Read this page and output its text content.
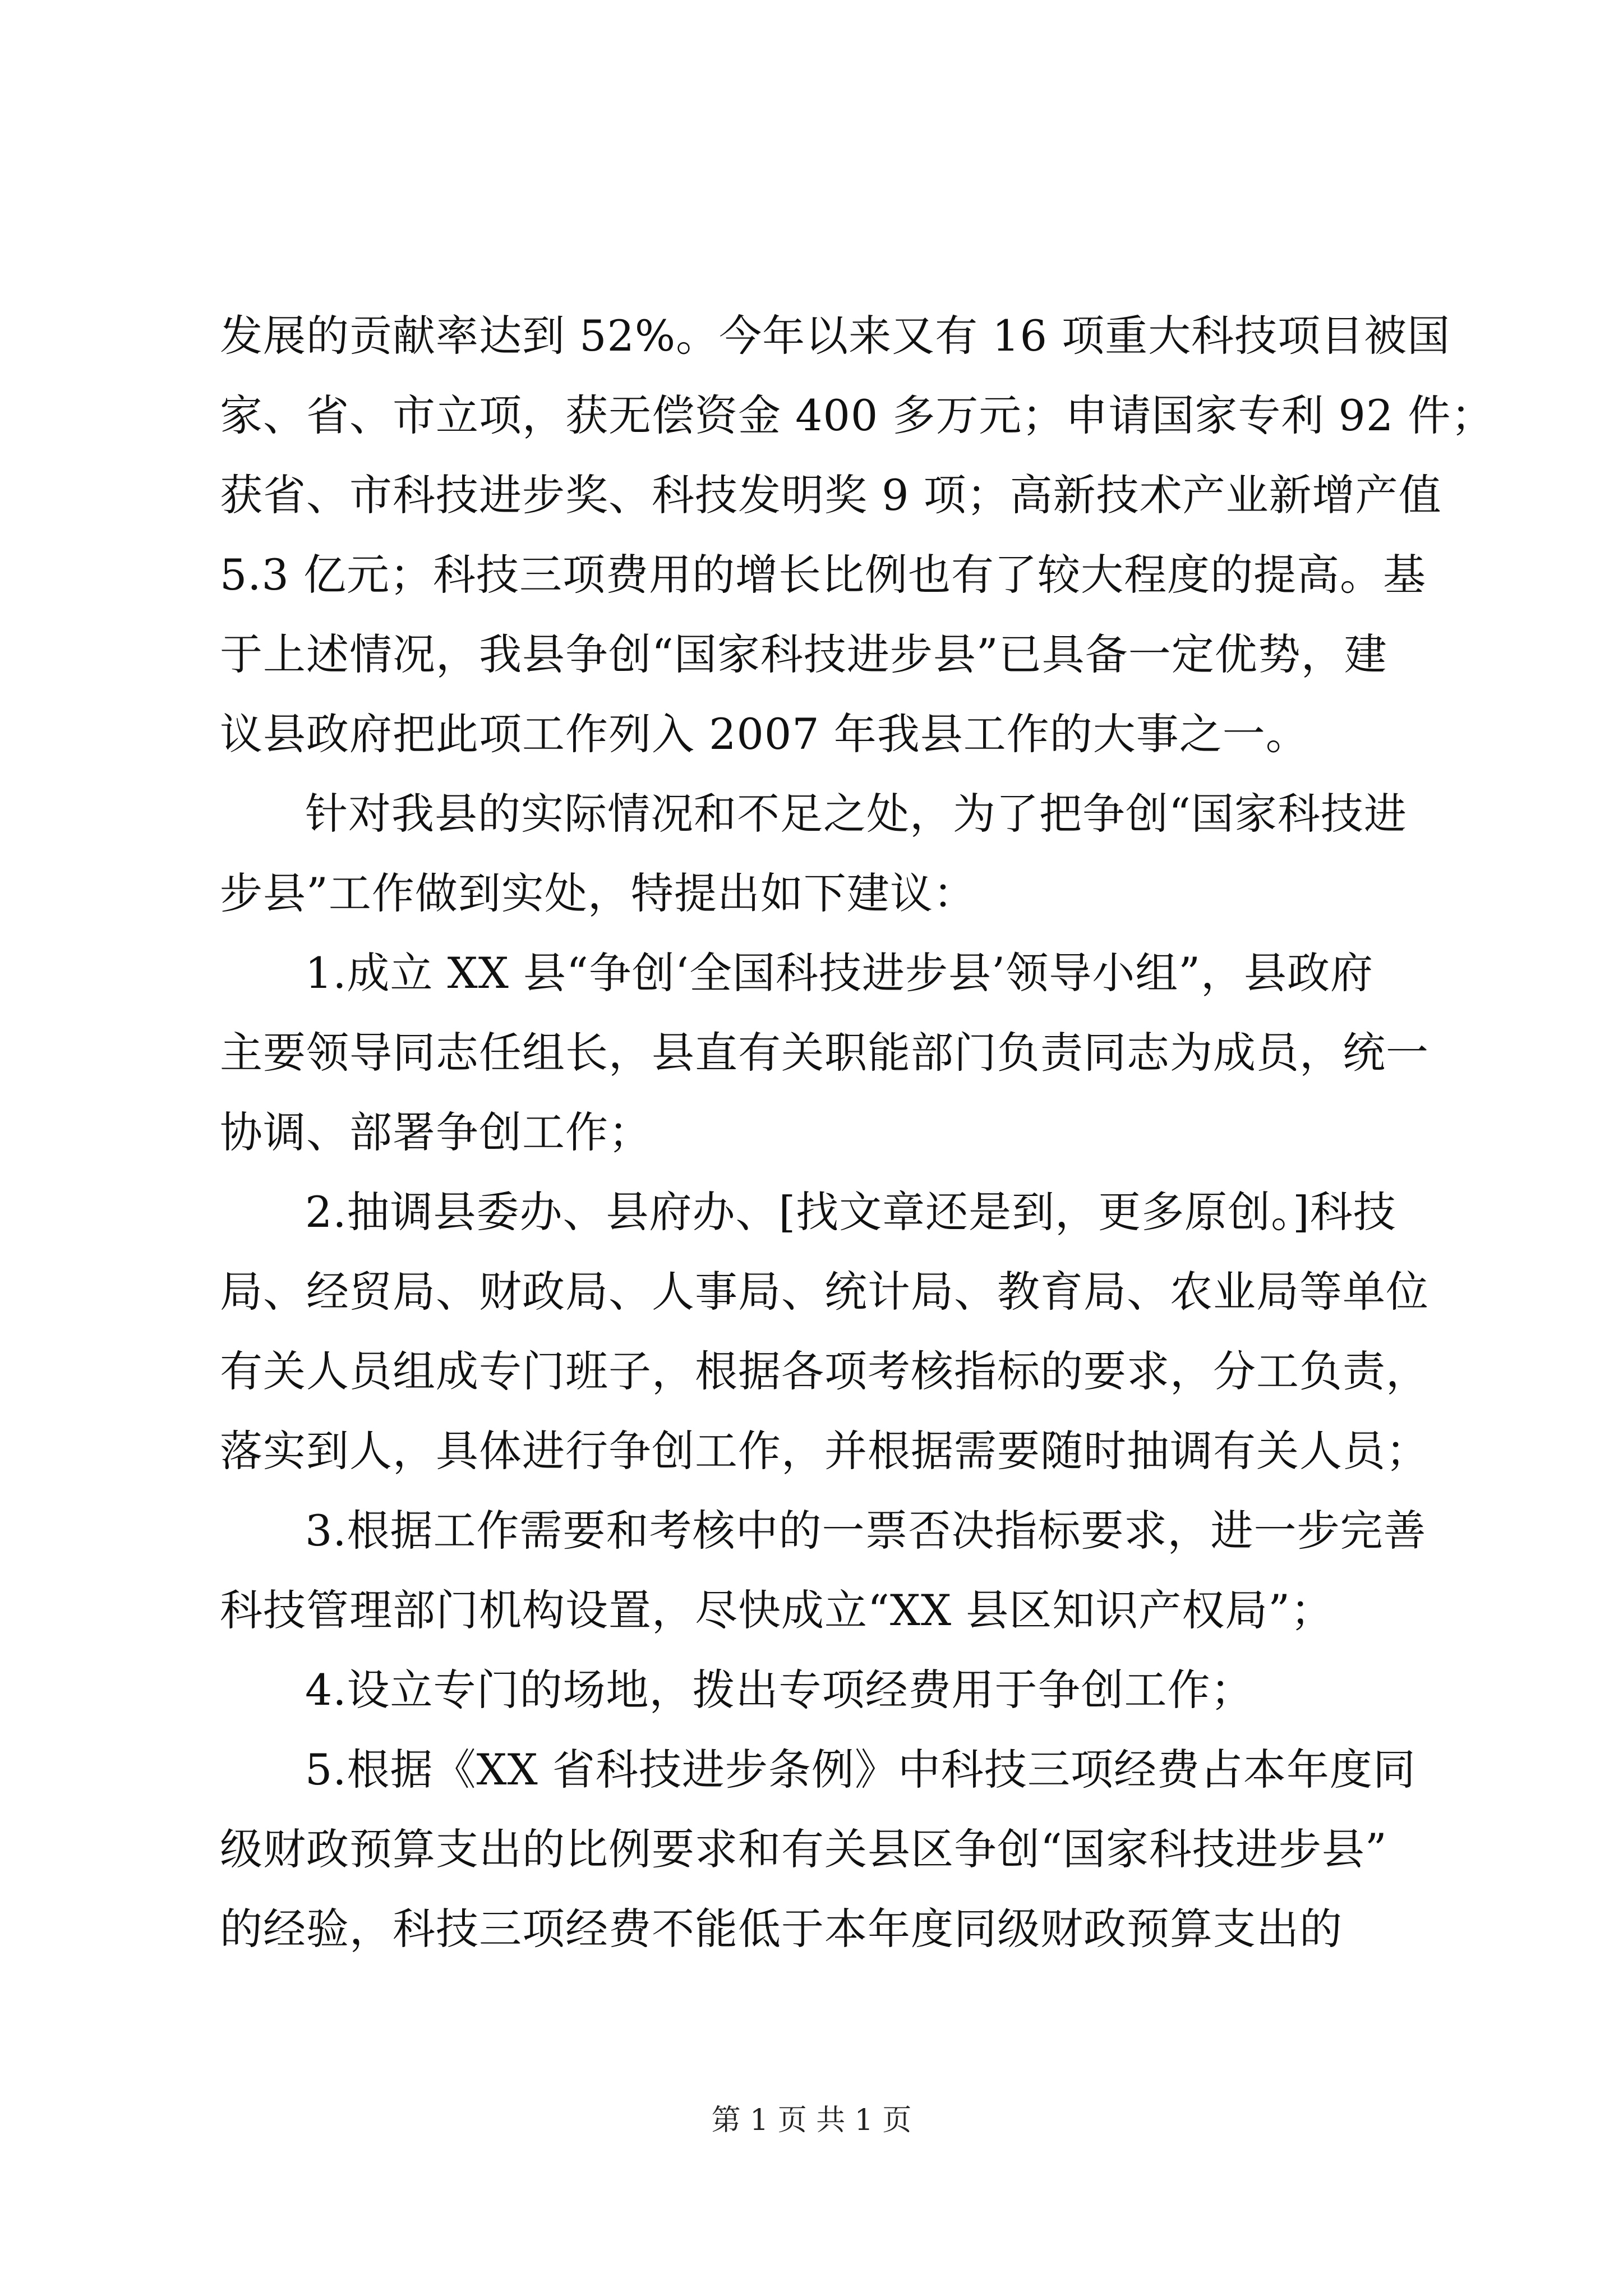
发展的贡献率达到 52%。今年以来又有 16 项重大科技项目被国
家、省、市立项，获无偿资金 400 多万元；申请国家专利 92 件；
获省、市科技进步奖、科技发明奖 9 项；高新技术产业新增产值
5.3 亿元；科技三项费用的增长比例也有了较大程度的提高。基
于上述情况，我县争创“国家科技进步县”已具备一定优势，建
议县政府把此项工作列入 2007 年我县工作的大事之一。
针对我县的实际情况和不足之处，为了把争创“国家科技进
步县”工作做到实处，特提出如下建议：
1.成立 XX 县“争创‘全国科技进步县’领导小组”，县政府
主要领导同志任组长，县直有关职能部门负责同志为成员，统一
协调、部署争创工作；
2.抽调县委办、县府办、[找文章还是到，更多原创。]科技
局、经贸局、财政局、人事局、统计局、教育局、农业局等单位
有关人员组成专门班子，根据各项考核指标的要求，分工负责，
落实到人，具体进行争创工作，并根据需要随时抽调有关人员；
3.根据工作需要和考核中的一票否决指标要求，进一步完善
科技管理部门机构设置，尽快成立“XX 县区知识产权局”；
4.设立专门的场地，拨出专项经费用于争创工作；
5.根据《XX 省科技进步条例》中科技三项经费占本年度同
级财政预算支出的比例要求和有关县区争创“国家科技进步县”
的经验，科技三项经费不能低于本年度同级财政预算支出的
第 1 页 共 1 页
